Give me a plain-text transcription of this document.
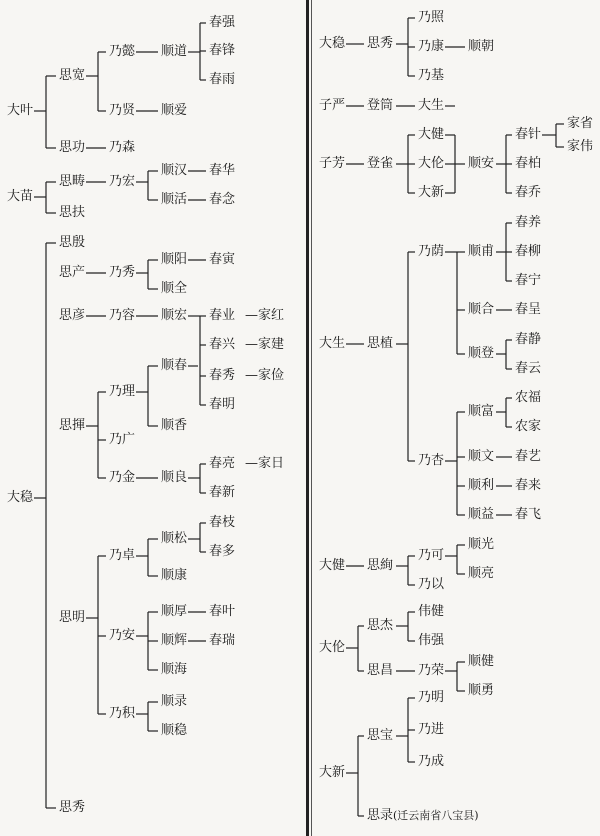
大叶
思宽
乃懿 顺道
春强
春锋
春雨
乃贤 顺爱
思功 乃森
大苗
思畴 乃宏
顺汉 春华
顺活 春念
思扶
大稳
思殷
思产 乃秀
顺阳 春寅
顺全
思彦 乃容 顺宏 春业 —家红
春兴 —家建
顺春
春秀 —家俭
春明
乃理
顺香
思揮
乃广
乃金 顺良
春亮 —家日
春新
乃卓
顺松
春枝
春多
顺康
思明
乃安
顺厚 春叶
顺辉 春瑞
顺海
乃积
顺录
顺稳
思秀
大稳 思秀
乃照
乃康 顺朝
乃基
子严 登筒 大生
子芳 登雀
大健
大伦
大新
顺安
春针
家省
家伟
春柏
春乔
大生 思植
乃荫 顺甫
春养
春柳
春宁
顺合 春呈
顺登
春静
春云
乃杏
顺富
农福
农家
顺文 春艺
顺利 春来
顺益 春飞
大健 思絢
乃可
顺光
顺亮
乃以
大伦
思杰
伟健
伟强
思昌 乃荣
顺健
顺勇
大新
思宝
乃明
乃进
乃成
思录(迁云南省八宝县)
